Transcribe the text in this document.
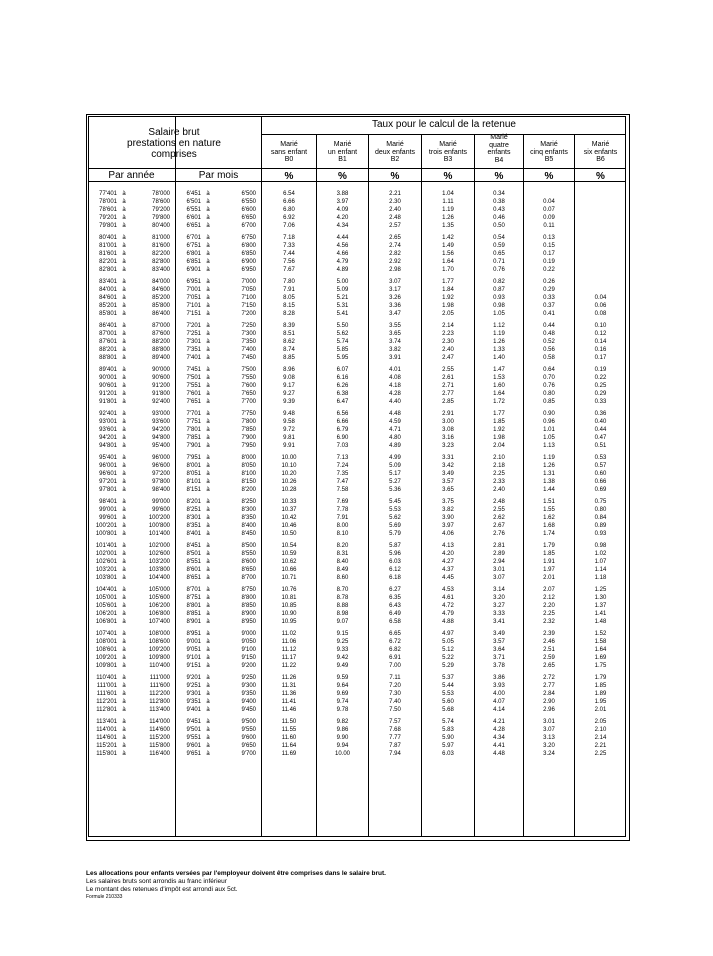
Salaire brut
prestations en nature
comprises
Taux pour le calcul de la retenue
Par année	Par mois
Marié
sans enfant
B0
Marié
un enfant
B1
Marié
deux enfants
B2
Marié
trois enfants
B3
Marié
quatre
enfants
B4
Marié
cinq enfants
B5
Marié
six enfants
B6
%	%	%	%	%	%	%
77'401 à	78'000	6'451 à	6'500	6.54	3.88	2.21	1.04	0.34
78'001 à	78'600	6'501 à	6'550	6.66	3.97	2.30	1.11	0.38	0.04
78'601 à	79'200	6'551 à	6'600	6.80	4.09	2.40	1.19	0.43	0.07
79'201 à	79'800	6'601 à	6'650	6.92	4.20	2.48	1.26	0.46	0.09
79'801 à	80'400	6'651 à	6'700	7.06	4.34	2.57	1.35	0.50	0.11
80'401 à	81'000	6'701 à	6'750	7.18	4.44	2.65	1.42	0.54	0.13
81'001 à	81'600	6'751 à	6'800	7.33	4.56	2.74	1.49	0.59	0.15
81'601 à	82'200	6'801 à	6'850	7.44	4.66	2.82	1.56	0.65	0.17
82'201 à	82'800	6'851 à	6'900	7.56	4.79	2.92	1.64	0.71	0.19
82'801 à	83'400	6'901 à	6'950	7.67	4.89	2.98	1.70	0.76	0.22
83'401 à	84'000	6'951 à	7'000	7.80	5.00	3.07	1.77	0.82	0.26
84'001 à	84'600	7'001 à	7'050	7.91	5.09	3.17	1.84	0.87	0.29
84'601 à	85'200	7'051 à	7'100	8.05	5.21	3.26	1.92	0.93	0.33	0.04
85'201 à	85'800	7'101 à	7'150	8.15	5.31	3.36	1.98	0.98	0.37	0.06
85'801 à	86'400	7'151 à	7'200	8.28	5.41	3.47	2.05	1.05	0.41	0.08
86'401 à	87'000	7'201 à	7'250	8.39	5.50	3.55	2.14	1.12	0.44	0.10
87'001 à	87'600	7'251 à	7'300	8.51	5.62	3.65	2.23	1.19	0.48	0.12
87'601 à	88'200	7'301 à	7'350	8.62	5.74	3.74	2.30	1.26	0.52	0.14
88'201 à	88'800	7'351 à	7'400	8.74	5.85	3.82	2.40	1.33	0.56	0.16
88'801 à	89'400	7'401 à	7'450	8.85	5.95	3.91	2.47	1.40	0.58	0.17
89'401 à	90'000	7'451 à	7'500	8.96	6.07	4.01	2.55	1.47	0.64	0.19
90'001 à	90'600	7'501 à	7'550	9.08	6.16	4.08	2.61	1.53	0.70	0.22
90'601 à	91'200	7'551 à	7'600	9.17	6.26	4.18	2.71	1.60	0.76	0.25
91'201 à	91'800	7'601 à	7'650	9.27	6.38	4.28	2.77	1.64	0.80	0.29
91'801 à	92'400	7'651 à	7'700	9.39	6.47	4.40	2.85	1.72	0.85	0.33
92'401 à	93'000	7'701 à	7'750	9.48	6.56	4.48	2.91	1.77	0.90	0.36
93'001 à	93'600	7'751 à	7'800	9.58	6.66	4.59	3.00	1.85	0.96	0.40
93'601 à	94'200	7'801 à	7'850	9.72	6.79	4.71	3.08	1.92	1.01	0.44
94'201 à	94'800	7'851 à	7'900	9.81	6.90	4.80	3.16	1.98	1.05	0.47
94'801 à	95'400	7'901 à	7'950	9.91	7.03	4.89	3.23	2.04	1.13	0.51
95'401 à	96'000	7'951 à	8'000	10.00	7.13	4.99	3.31	2.10	1.19	0.53
96'001 à	96'600	8'001 à	8'050	10.10	7.24	5.09	3.42	2.18	1.26	0.57
96'601 à	97'200	8'051 à	8'100	10.20	7.35	5.17	3.49	2.25	1.31	0.60
97'201 à	97'800	8'101 à	8'150	10.26	7.47	5.27	3.57	2.33	1.38	0.66
97'801 à	98'400	8'151 à	8'200	10.28	7.58	5.36	3.65	2.40	1.44	0.69
98'401 à	99'000	8'201 à	8'250	10.33	7.69	5.45	3.75	2.48	1.51	0.75
99'001 à	99'600	8'251 à	8'300	10.37	7.78	5.53	3.82	2.55	1.55	0.80
99'601 à	100'200	8'301 à	8'350	10.42	7.91	5.62	3.90	2.62	1.62	0.84
100'201 à	100'800	8'351 à	8'400	10.46	8.00	5.69	3.97	2.67	1.68	0.89
100'801 à	101'400	8'401 à	8'450	10.50	8.10	5.79	4.06	2.76	1.74	0.93
101'401 à	102'000	8'451 à	8'500	10.54	8.20	5.87	4.13	2.81	1.79	0.98
102'001 à	102'600	8'501 à	8'550	10.59	8.31	5.96	4.20	2.89	1.85	1.02
102'601 à	103'200	8'551 à	8'600	10.62	8.40	6.03	4.27	2.94	1.91	1.07
103'201 à	103'800	8'601 à	8'650	10.66	8.49	6.12	4.37	3.01	1.97	1.14
103'801 à	104'400	8'651 à	8'700	10.71	8.60	6.18	4.45	3.07	2.01	1.18
104'401 à	105'000	8'701 à	8'750	10.76	8.70	6.27	4.53	3.14	2.07	1.25
105'001 à	105'600	8'751 à	8'800	10.81	8.78	6.35	4.61	3.20	2.12	1.30
105'601 à	106'200	8'801 à	8'850	10.85	8.88	6.43	4.72	3.27	2.20	1.37
106'201 à	106'800	8'851 à	8'900	10.90	8.98	6.49	4.79	3.33	2.25	1.41
106'801 à	107'400	8'901 à	8'950	10.95	9.07	6.58	4.88	3.41	2.32	1.48
107'401 à	108'000	8'951 à	9'000	11.02	9.15	6.65	4.97	3.49	2.39	1.52
108'001 à	108'600	9'001 à	9'050	11.06	9.25	6.72	5.05	3.57	2.46	1.58
108'601 à	109'200	9'051 à	9'100	11.12	9.33	6.82	5.12	3.64	2.51	1.64
109'201 à	109'800	9'101 à	9'150	11.17	9.42	6.91	5.22	3.71	2.59	1.69
109'801 à	110'400	9'151 à	9'200	11.22	9.49	7.00	5.29	3.78	2.65	1.75
110'401 à	111'000	9'201 à	9'250	11.26	9.59	7.11	5.37	3.86	2.72	1.79
111'001 à	111'600	9'251 à	9'300	11.31	9.64	7.20	5.44	3.93	2.77	1.85
111'601 à	112'200	9'301 à	9'350	11.36	9.69	7.30	5.53	4.00	2.84	1.89
112'201 à	112'800	9'351 à	9'400	11.41	9.74	7.40	5.60	4.07	2.90	1.95
112'801 à	113'400	9'401 à	9'450	11.46	9.78	7.50	5.68	4.14	2.96	2.01
113'401 à	114'000	9'451 à	9'500	11.50	9.82	7.57	5.74	4.21	3.01	2.05
114'001 à	114'600	9'501 à	9'550	11.55	9.86	7.68	5.83	4.28	3.07	2.10
114'601 à	115'200	9'551 à	9'600	11.60	9.90	7.77	5.90	4.34	3.13	2.14
115'201 à	115'800	9'601 à	9'650	11.64	9.94	7.87	5.97	4.41	3.20	2.21
115'801 à	116'400	9'651 à	9'700	11.69	10.00	7.94	6.03	4.48	3.24	2.25
Les allocations pour enfants versées par l'employeur doivent être comprises dans le salaire brut.
Les salaires bruts sont arrondis au franc inférieur
Le montant des retenues d'impôt est arrondi aux 5ct.
Formule 210333
